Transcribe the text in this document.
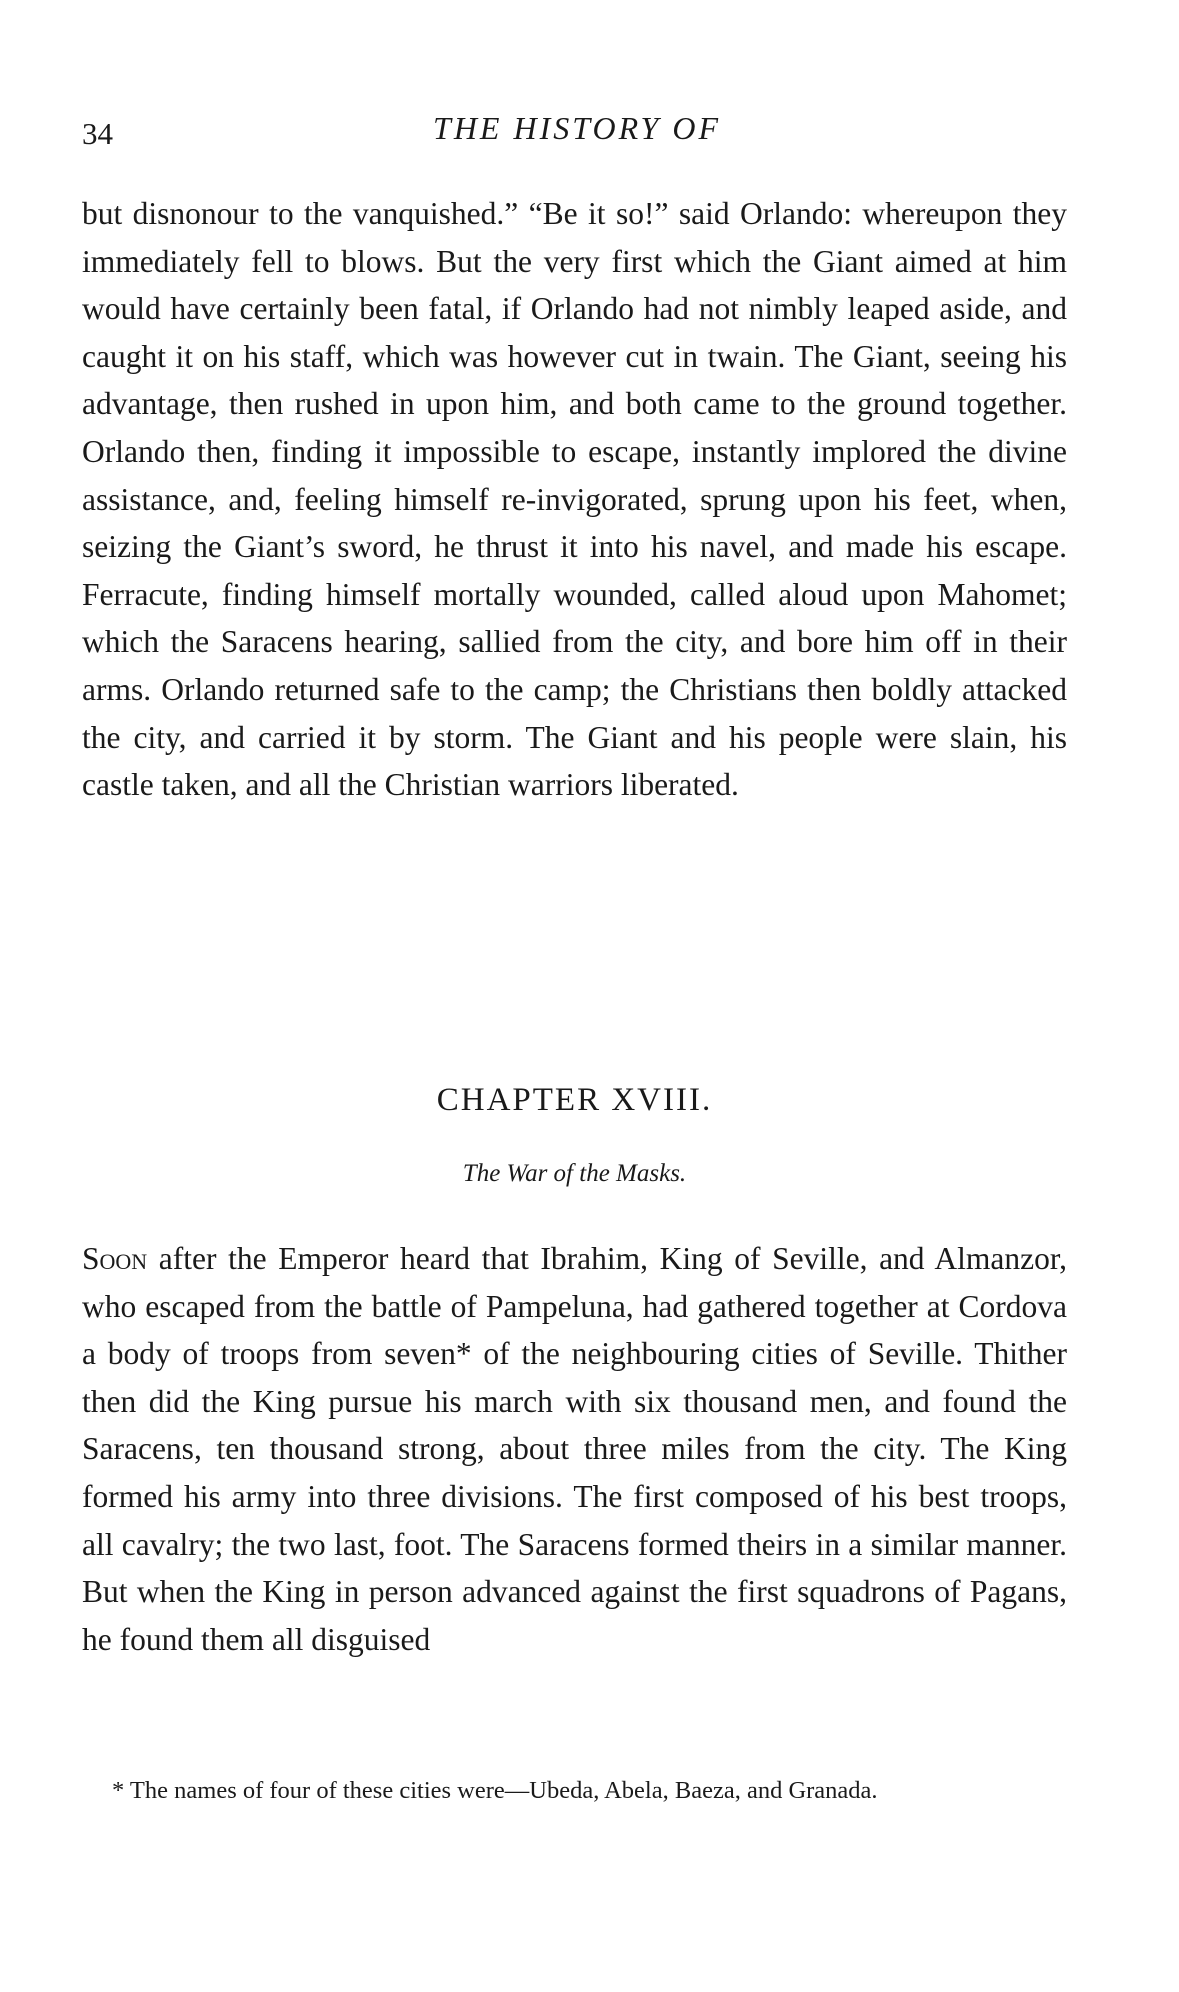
34	THE HISTORY OF

but disnonour to the vanquished.” “Be it so!” said Orlando: whereupon they immediately fell to blows. But the very first which the Giant aimed at him would have certainly been fatal, if Orlando had not nimbly leaped aside, and caught it on his staff, which was however cut in twain. The Giant, seeing his advantage, then rushed in upon him, and both came to the ground together. Orlando then, finding it impossible to escape, instantly implored the divine assistance, and, feeling himself re-invigorated, sprung upon his feet, when, seizing the Giant’s sword, he thrust it into his navel, and made his escape. Ferracute, finding himself mortally wounded, called aloud upon Mahomet; which the Saracens hearing, sallied from the city, and bore him off in their arms. Orlando returned safe to the camp; the Christians then boldly attacked the city, and carried it by storm. The Giant and his people were slain, his castle taken, and all the Christian warriors liberated.

CHAPTER XVIII.
The War of the Masks.

Soon after the Emperor heard that Ibrahim, King of Seville, and Almanzor, who escaped from the battle of Pampeluna, had gathered together at Cordova a body of troops from seven* of the neighbouring cities of Seville. Thither then did the King pursue his march with six thousand men, and found the Saracens, ten thousand strong, about three miles from the city. The King formed his army into three divisions. The first composed of his best troops, all cavalry; the two last, foot. The Saracens formed theirs in a similar manner. But when the King in person advanced against the first squadrons of Pagans, he found them all disguised

* The names of four of these cities were—Ubeda, Abela, Baeza, and Granada.
